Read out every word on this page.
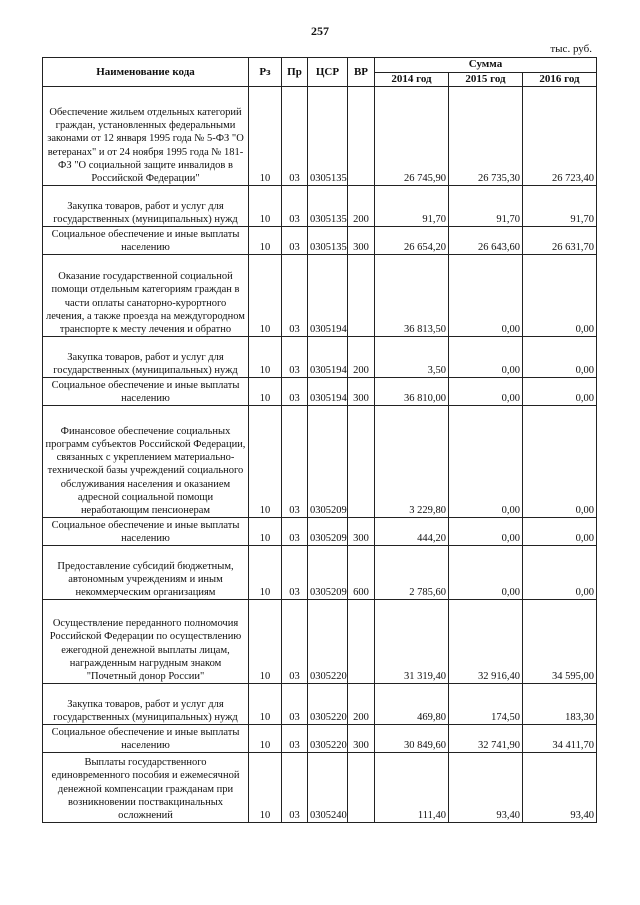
257
тыс. руб.
Наименование кода	Рз	Пр	ЦСР	ВР	Сумма		
					2014 год	2015 год	2016 год
Обеспечение жильем отдельных категорий граждан, установленных федеральными законами от 12 января 1995 года № 5-ФЗ "О ветеранах" и от 24 ноября 1995 года № 181-ФЗ "О социальной защите инвалидов в Российской Федерации"	10	03	0305135		26 745,90	26 735,30	26 723,40
Закупка товаров, работ и услуг для государственных (муниципальных) нужд	10	03	0305135	200	91,70	91,70	91,70
Социальное обеспечение и иные выплаты населению	10	03	0305135	300	26 654,20	26 643,60	26 631,70
Оказание государственной социальной помощи отдельным категориям граждан в части оплаты санаторно-курортного лечения, а также проезда на междугородном транспорте к месту лечения и обратно	10	03	0305194		36 813,50	0,00	0,00
Закупка товаров, работ и услуг для государственных (муниципальных) нужд	10	03	0305194	200	3,50	0,00	0,00
Социальное обеспечение и иные выплаты населению	10	03	0305194	300	36 810,00	0,00	0,00
Финансовое обеспечение социальных программ субъектов Российской Федерации, связанных с укреплением материально-технической базы учреждений социального обслуживания населения и оказанием адресной социальной помощи неработающим пенсионерам	10	03	0305209		3 229,80	0,00	0,00
Социальное обеспечение и иные выплаты населению	10	03	0305209	300	444,20	0,00	0,00
Предоставление субсидий бюджетным, автономным учреждениям и иным некоммерческим организациям	10	03	0305209	600	2 785,60	0,00	0,00
Осуществление переданного полномочия Российской Федерации по осуществлению ежегодной денежной выплаты лицам, награжденным нагрудным знаком "Почетный донор России"	10	03	0305220		31 319,40	32 916,40	34 595,00
Закупка товаров, работ и услуг для государственных (муниципальных) нужд	10	03	0305220	200	469,80	174,50	183,30
Социальное обеспечение и иные выплаты населению	10	03	0305220	300	30 849,60	32 741,90	34 411,70
Выплаты государственного единовременного пособия и ежемесячной денежной компенсации гражданам при возникновении поствакцинальных осложнений	10	03	0305240		111,40	93,40	93,40
